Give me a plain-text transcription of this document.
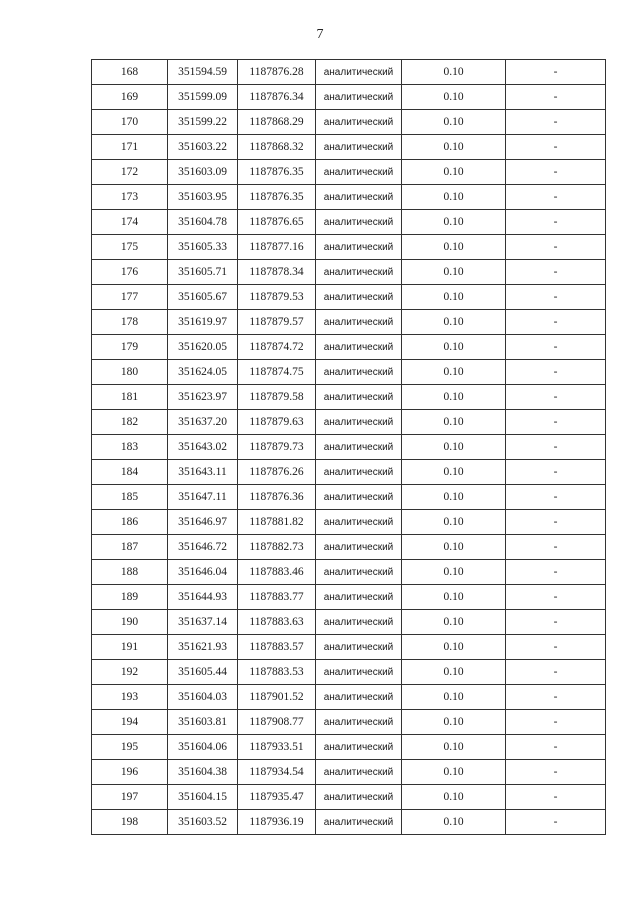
7
168	351594.59	1187876.28	аналитический	0.10	-
169	351599.09	1187876.34	аналитический	0.10	-
170	351599.22	1187868.29	аналитический	0.10	-
171	351603.22	1187868.32	аналитический	0.10	-
172	351603.09	1187876.35	аналитический	0.10	-
173	351603.95	1187876.35	аналитический	0.10	-
174	351604.78	1187876.65	аналитический	0.10	-
175	351605.33	1187877.16	аналитический	0.10	-
176	351605.71	1187878.34	аналитический	0.10	-
177	351605.67	1187879.53	аналитический	0.10	-
178	351619.97	1187879.57	аналитический	0.10	-
179	351620.05	1187874.72	аналитический	0.10	-
180	351624.05	1187874.75	аналитический	0.10	-
181	351623.97	1187879.58	аналитический	0.10	-
182	351637.20	1187879.63	аналитический	0.10	-
183	351643.02	1187879.73	аналитический	0.10	-
184	351643.11	1187876.26	аналитический	0.10	-
185	351647.11	1187876.36	аналитический	0.10	-
186	351646.97	1187881.82	аналитический	0.10	-
187	351646.72	1187882.73	аналитический	0.10	-
188	351646.04	1187883.46	аналитический	0.10	-
189	351644.93	1187883.77	аналитический	0.10	-
190	351637.14	1187883.63	аналитический	0.10	-
191	351621.93	1187883.57	аналитический	0.10	-
192	351605.44	1187883.53	аналитический	0.10	-
193	351604.03	1187901.52	аналитический	0.10	-
194	351603.81	1187908.77	аналитический	0.10	-
195	351604.06	1187933.51	аналитический	0.10	-
196	351604.38	1187934.54	аналитический	0.10	-
197	351604.15	1187935.47	аналитический	0.10	-
198	351603.52	1187936.19	аналитический	0.10	-
